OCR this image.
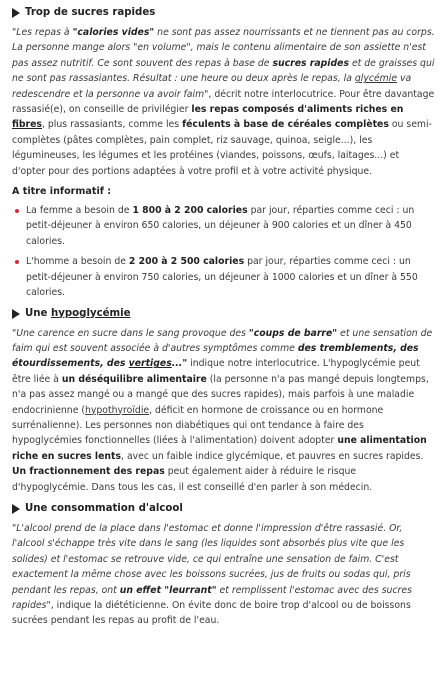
Trop de sucres rapides

"Les repas à "calories vides" ne sont pas assez nourrissants et ne tiennent pas au corps. La personne mange alors "en volume", mais le contenu alimentaire de son assiette n'est pas assez nutritif. Ce sont souvent des repas à base de sucres rapides et de graisses qui ne sont pas rassasiantes. Résultat : une heure ou deux après le repas, la glycémie va redescendre et la personne va avoir faim", décrit notre interlocutrice. Pour être davantage rassasié(e), on conseille de privilégier les repas composés d'aliments riches en fibres, plus rassasiants, comme les féculents à base de céréales complètes ou semi-complètes (pâtes complètes, pain complet, riz sauvage, quinoa, seigle...), les légumineuses, les légumes et les protéines (viandes, poissons, œufs, laitages...) et d'opter pour des portions adaptées à votre profil et à votre activité physique.

A titre informatif :
La femme a besoin de 1 800 à 2 200 calories par jour, réparties comme ceci : un petit-déjeuner à environ 650 calories, un déjeuner à 900 calories et un dîner à 450 calories.
L'homme a besoin de 2 200 à 2 500 calories par jour, réparties comme ceci : un petit-déjeuner à environ 750 calories, un déjeuner à 1000 calories et un dîner à 550 calories.
Une hypoglycémie

"Une carence en sucre dans le sang provoque des "coups de barre" et une sensation de faim qui est souvent associée à d'autres symptômes comme des tremblements, des étourdissements, des vertiges..." indique notre interlocutrice. L'hypoglycémie peut être liée à un déséquilibre alimentaire (la personne n'a pas mangé depuis longtemps, n'a pas assez mangé ou a mangé que des sucres rapides), mais parfois à une maladie endocrinienne (hypothyroïdie, déficit en hormone de croissance ou en hormone surrénalienne). Les personnes non diabétiques qui ont tendance à faire des hypoglycémies fonctionnelles (liées à l'alimentation) doivent adopter une alimentation riche en sucres lents, avec un faible indice glycémique, et pauvres en sucres rapides. Un fractionnement des repas peut également aider à réduire le risque d'hypoglycémie. Dans tous les cas, il est conseillé d'en parler à son médecin.

Une consommation d'alcool

"L'alcool prend de la place dans l'estomac et donne l'impression d'être rassasié. Or, l'alcool s'échappe très vite dans le sang (les liquides sont absorbés plus vite que les solides) et l'estomac se retrouve vide, ce qui entraîne une sensation de faim. C'est exactement la même chose avec les boissons sucrées, jus de fruits ou sodas qui, pris pendant les repas, ont un effet "leurrant" et remplissent l'estomac avec des sucres rapides", indique la diététicienne. On évite donc de boire trop d'alcool ou de boissons sucrées pendant les repas au profit de l'eau.
